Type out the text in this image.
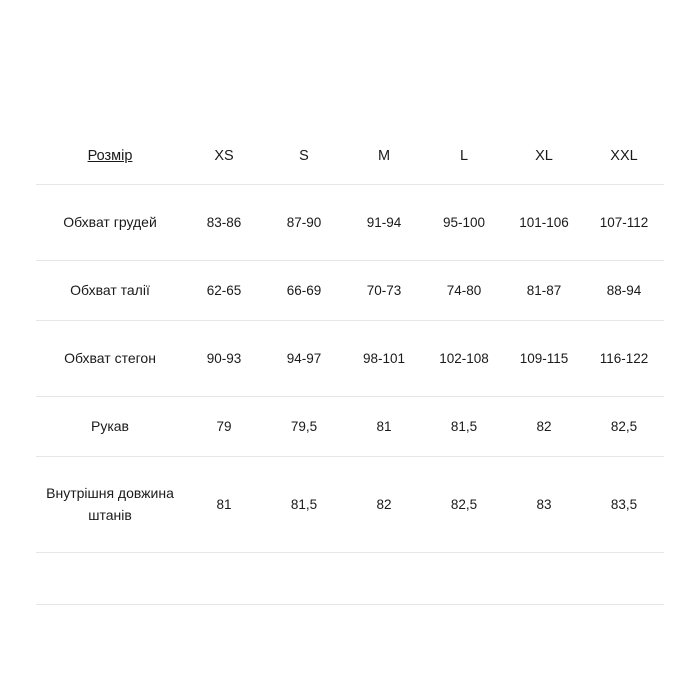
Розмір	XS	S	M	L	XL	XXL
Обхват грудей	83-86	87-90	91-94	95-100	101-106	107-112
Обхват талії	62-65	66-69	70-73	74-80	81-87	88-94
Обхват стегон	90-93	94-97	98-101	102-108	109-115	116-122
Рукав	79	79,5	81	81,5	82	82,5
Внутрішня довжина штанів	81	81,5	82	82,5	83	83,5
